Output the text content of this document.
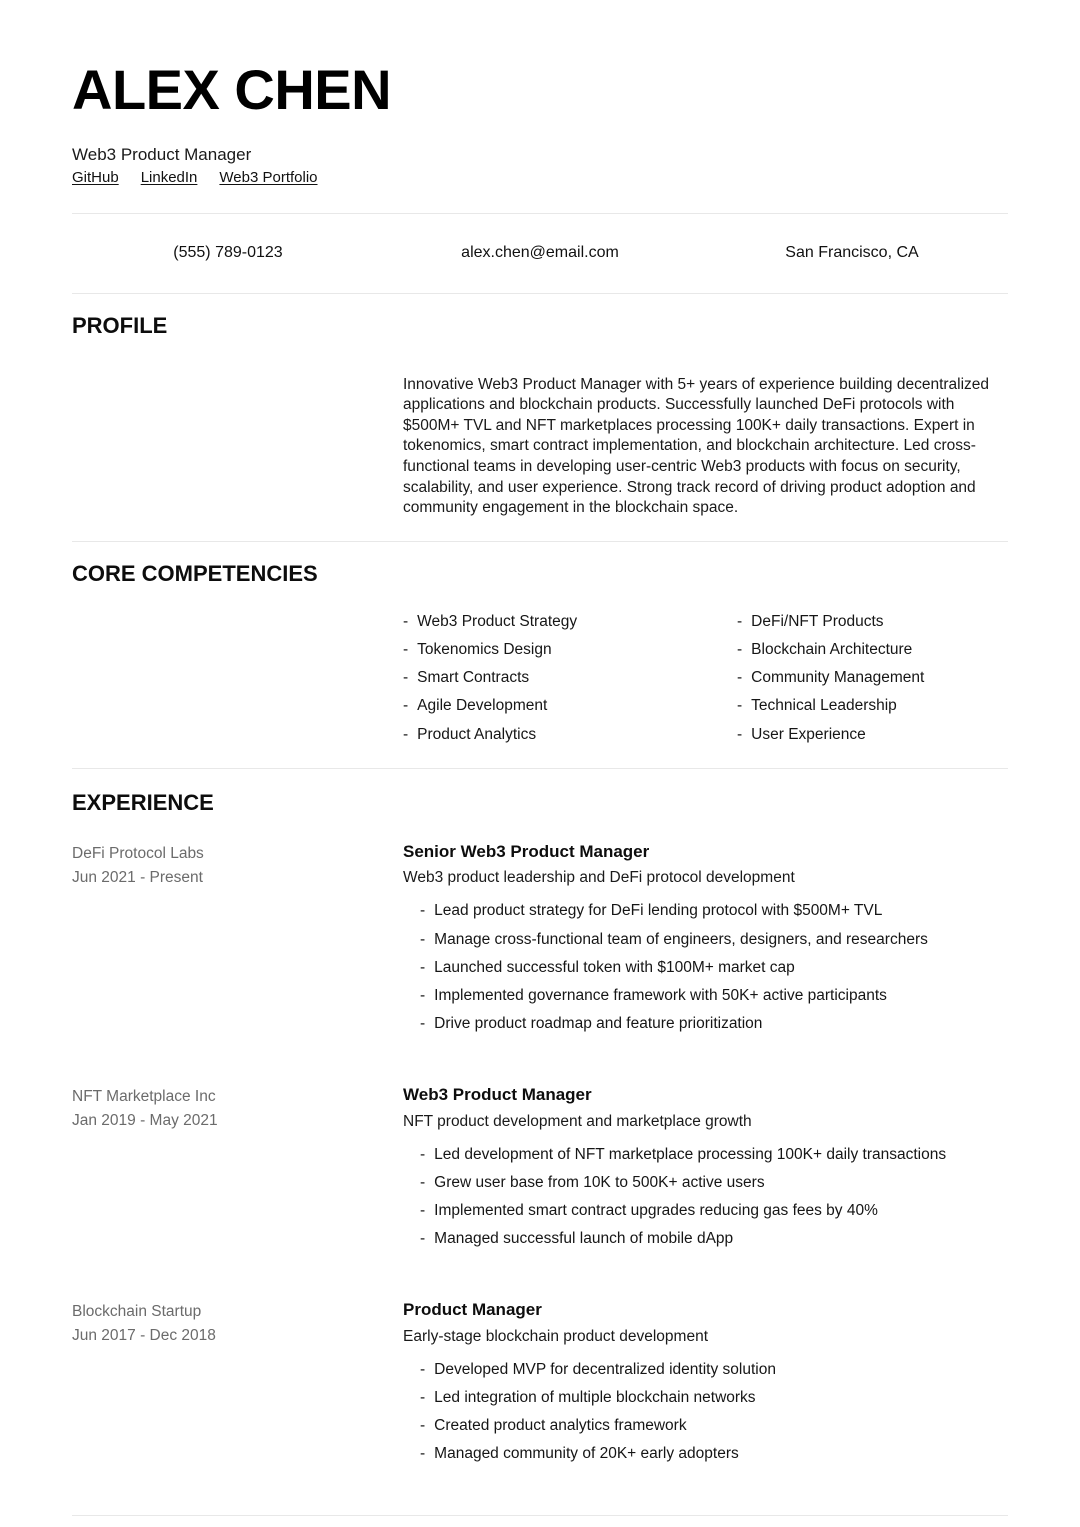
ALEX CHEN
Web3 Product Manager
GitHub LinkedIn Web3 Portfolio
(555) 789-0123	alex.chen@email.com	San Francisco, CA
PROFILE

Innovative Web3 Product Manager with 5+ years of experience building decentralized applications and blockchain products. Successfully launched DeFi protocols with $500M+ TVL and NFT marketplaces processing 100K+ daily transactions. Expert in tokenomics, smart contract implementation, and blockchain architecture. Led cross-functional teams in developing user-centric Web3 products with focus on security, scalability, and user experience. Strong track record of driving product adoption and community engagement in the blockchain space.

CORE COMPETENCIES
- Web3 Product Strategy
- Tokenomics Design
- Smart Contracts
- Agile Development
- Product Analytics
- DeFi/NFT Products
- Blockchain Architecture
- Community Management
- Technical Leadership
- User Experience
EXPERIENCE
DeFi Protocol Labs
Jun 2021 - Present
Senior Web3 Product Manager
Web3 product leadership and DeFi protocol development
- Lead product strategy for DeFi lending protocol with $500M+ TVL
- Manage cross-functional team of engineers, designers, and researchers
- Launched successful token with $100M+ market cap
- Implemented governance framework with 50K+ active participants
- Drive product roadmap and feature prioritization
NFT Marketplace Inc
Jan 2019 - May 2021
Web3 Product Manager
NFT product development and marketplace growth
- Led development of NFT marketplace processing 100K+ daily transactions
- Grew user base from 10K to 500K+ active users
- Implemented smart contract upgrades reducing gas fees by 40%
- Managed successful launch of mobile dApp
Blockchain Startup
Jun 2017 - Dec 2018
Product Manager
Early-stage blockchain product development
- Developed MVP for decentralized identity solution
- Led integration of multiple blockchain networks
- Created product analytics framework
- Managed community of 20K+ early adopters
